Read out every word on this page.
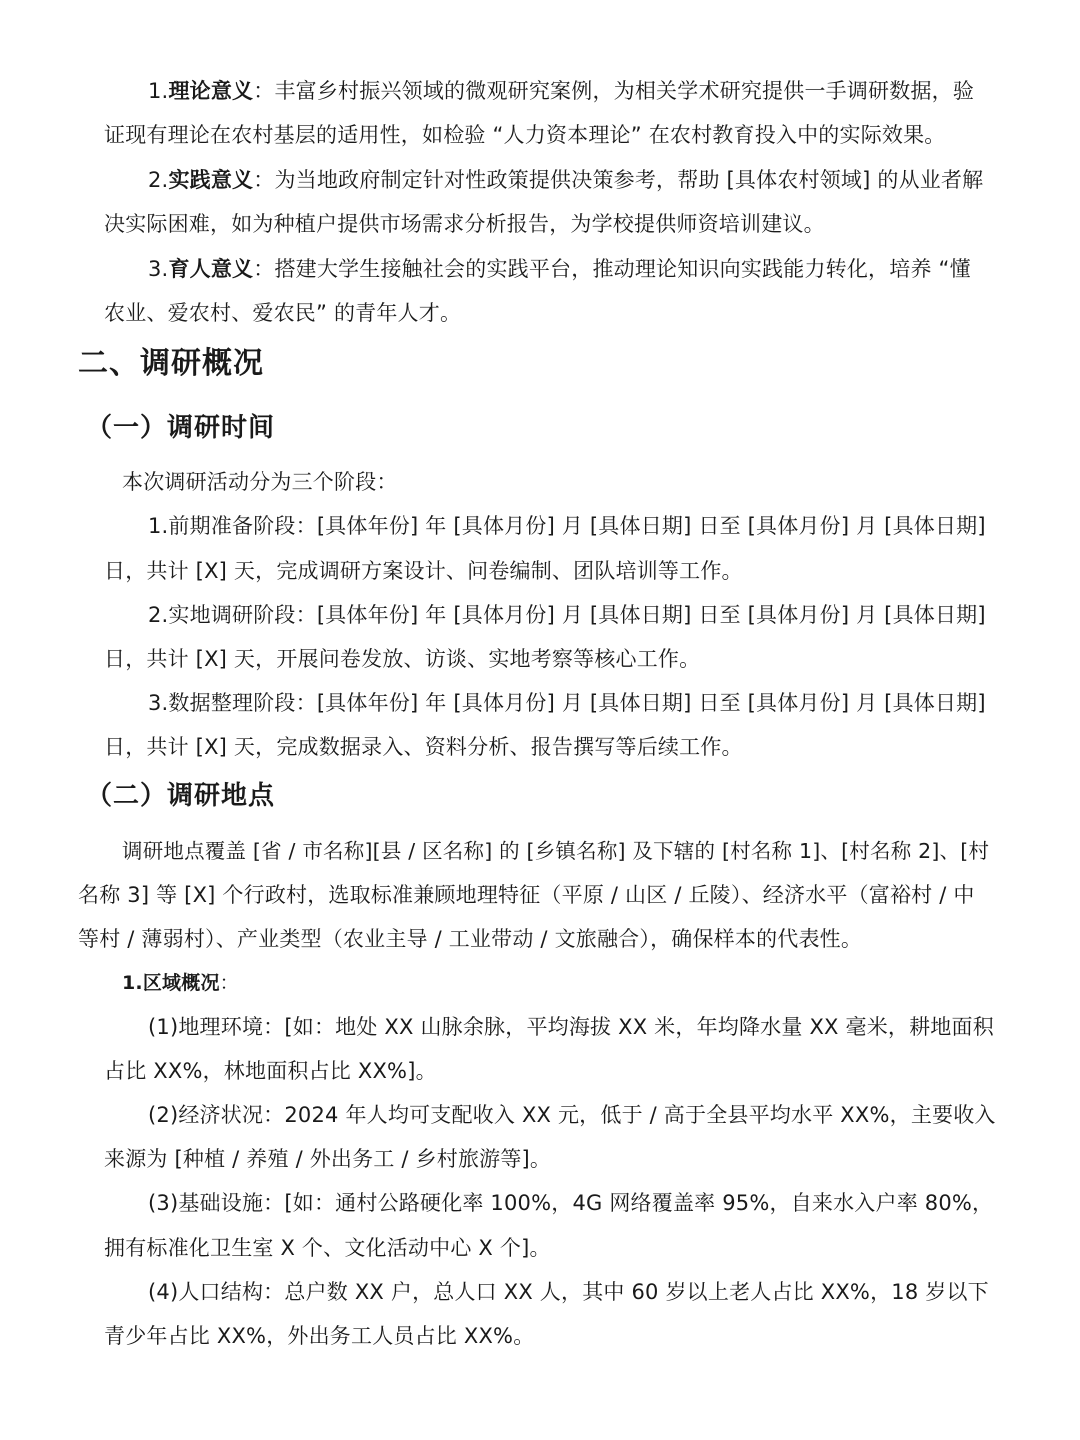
1.理论意义：丰富乡村振兴领域的微观研究案例，为相关学术研究提供一手调研数据，验
证现有理论在农村基层的适用性，如检验 “人力资本理论” 在农村教育投入中的实际效果。
2.实践意义：为当地政府制定针对性政策提供决策参考，帮助 [具体农村领域] 的从业者解
决实际困难，如为种植户提供市场需求分析报告，为学校提供师资培训建议。
3.育人意义：搭建大学生接触社会的实践平台，推动理论知识向实践能力转化，培养 “懂
农业、爱农村、爱农民” 的青年人才。
二、调研概况
（一）调研时间
本次调研活动分为三个阶段：
1.前期准备阶段：[具体年份] 年 [具体月份] 月 [具体日期] 日至 [具体月份] 月 [具体日期]
日，共计 [X] 天，完成调研方案设计、问卷编制、团队培训等工作。
2.实地调研阶段：[具体年份] 年 [具体月份] 月 [具体日期] 日至 [具体月份] 月 [具体日期]
日，共计 [X] 天，开展问卷发放、访谈、实地考察等核心工作。
3.数据整理阶段：[具体年份] 年 [具体月份] 月 [具体日期] 日至 [具体月份] 月 [具体日期]
日，共计 [X] 天，完成数据录入、资料分析、报告撰写等后续工作。
（二）调研地点
调研地点覆盖 [省 / 市名称][县 / 区名称] 的 [乡镇名称] 及下辖的 [村名称 1]、[村名称 2]、[村
名称 3] 等 [X] 个行政村，选取标准兼顾地理特征（平原 / 山区 / 丘陵）、经济水平（富裕村 / 中
等村 / 薄弱村）、产业类型（农业主导 / 工业带动 / 文旅融合），确保样本的代表性。
1.区域概况：
(1)地理环境：[如：地处 XX 山脉余脉，平均海拔 XX 米，年均降水量 XX 毫米，耕地面积
占比 XX%，林地面积占比 XX%]。
(2)经济状况：2024 年人均可支配收入 XX 元，低于 / 高于全县平均水平 XX%，主要收入
来源为 [种植 / 养殖 / 外出务工 / 乡村旅游等]。
(3)基础设施：[如：通村公路硬化率 100%，4G 网络覆盖率 95%，自来水入户率 80%，
拥有标准化卫生室 X 个、文化活动中心 X 个]。
(4)人口结构：总户数 XX 户，总人口 XX 人，其中 60 岁以上老人占比 XX%，18 岁以下
青少年占比 XX%，外出务工人员占比 XX%。
